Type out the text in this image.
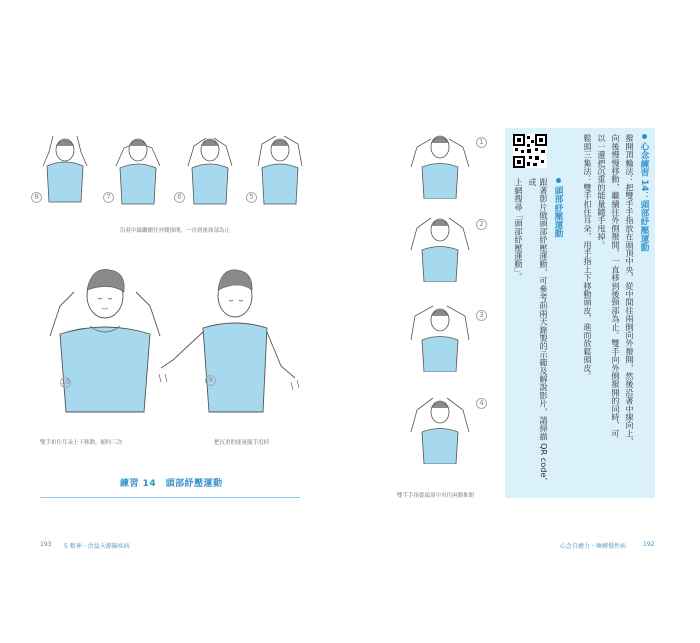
8	7	6	5
沿着中線繼續往外側推開，一直到後頸部為止
10	9
雙手扣住耳朵上下移動，順時三次	把沉重的能量隨手甩掉
練習 14　頭部紓壓運動
193 5 精神－治益天源陽疾病
1
2
3
4
雙手手指從頭頂中央往兩側推開
心念練習 14：頭部紓壓運動
撥開頂輪法：把雙手手指放在頭頂中央，從中間往兩側向外撥開，然後沿著中線向上，
向後慢慢移動，繼續往外側撥開，一直移到後頸部為止。雙手向外側撥開的同時，可
以一邊把沉重的能量隨手甩掉。
鬆頭三集法：雙手扣住耳朵，用手指上下移動頭皮，進而放鬆頭皮。
頭部紓壓運動
跟著影片做頭部紓壓運動，可參考前兩天錄製的示範及解說影片，請掃描 QR code，或
上網搜尋「頭部紓壓運動」。
心念自癒力・喚轉慢性病	192
